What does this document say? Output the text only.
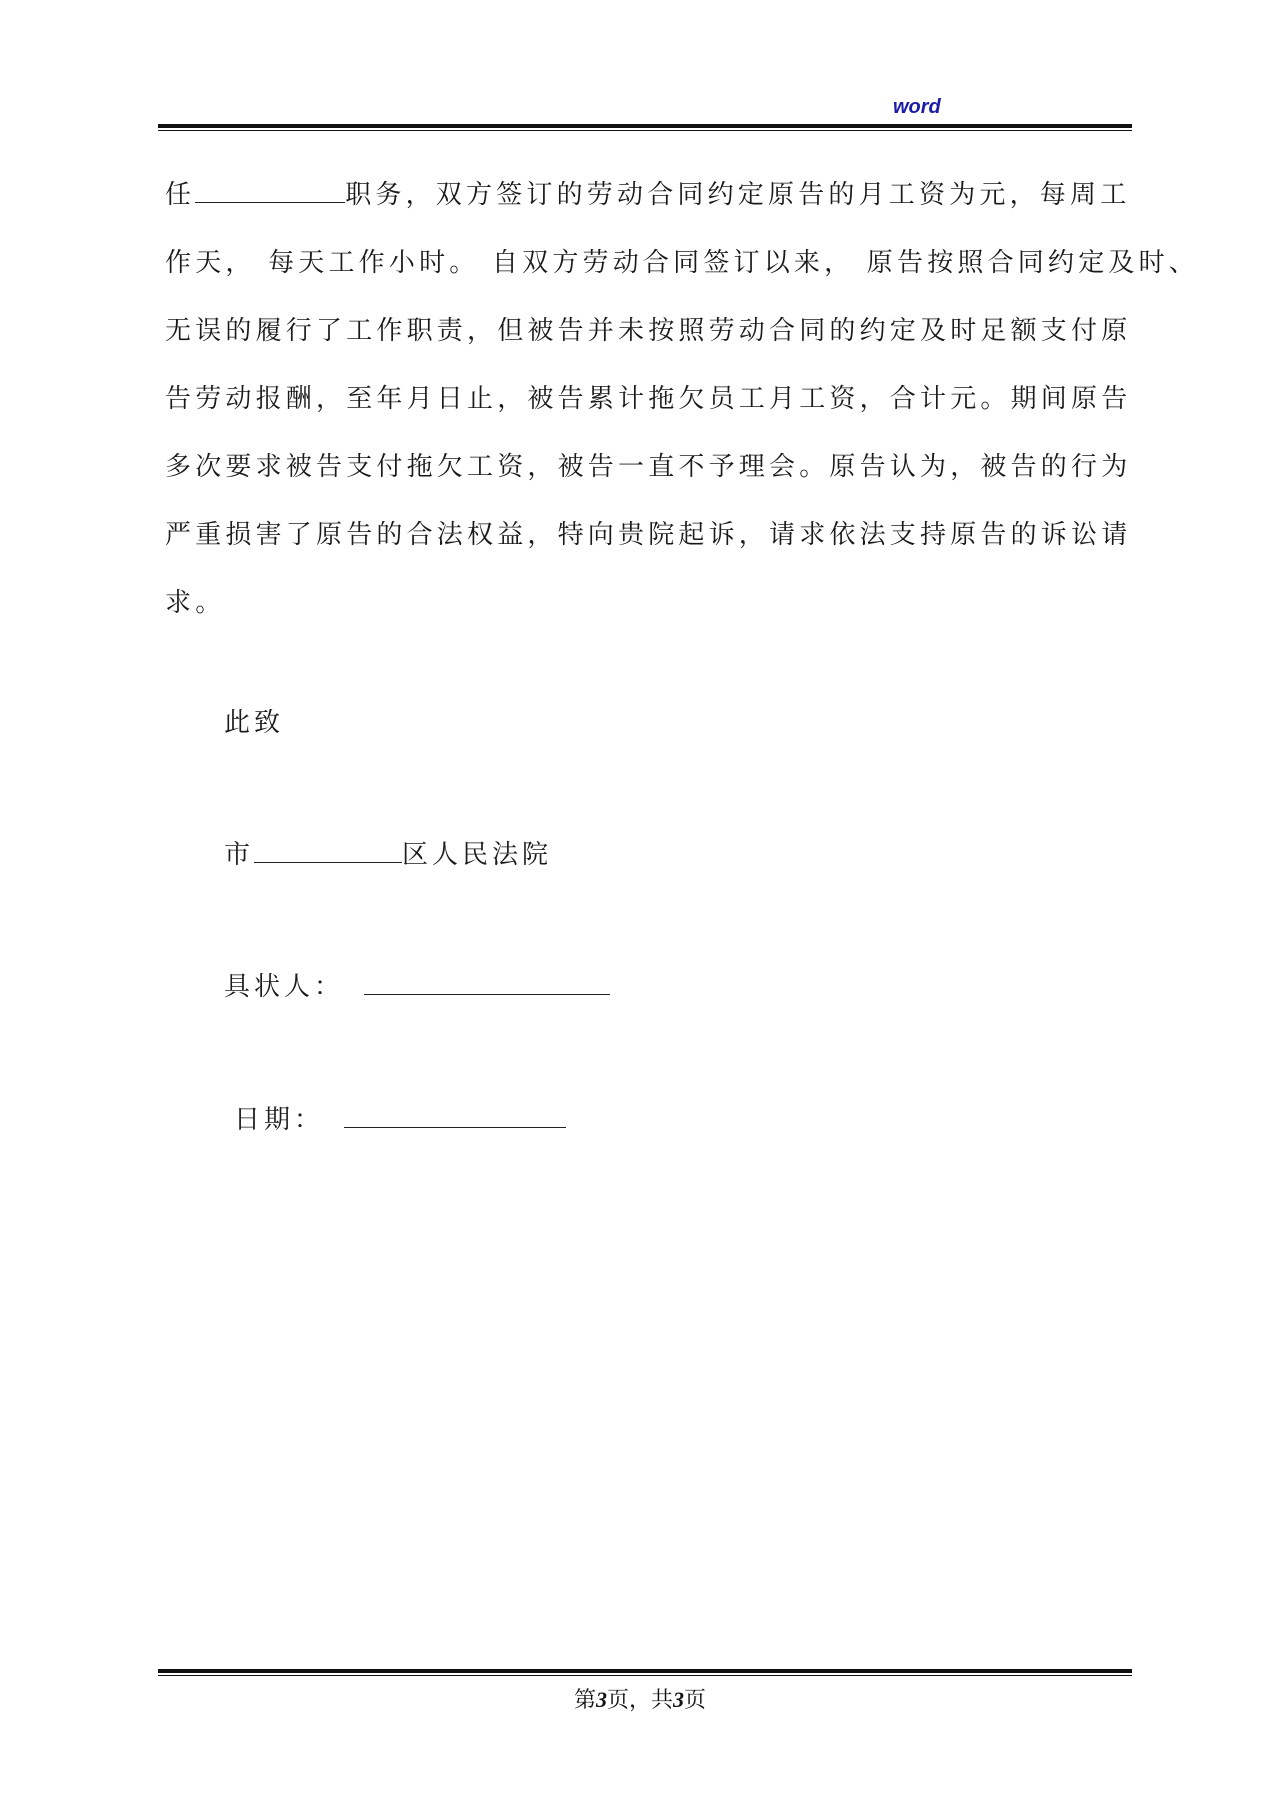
word
任	职务，双方签订的劳动合同约定原告的月工资为元，每周工
作天， 每天工作小时。 自双方劳动合同签订以来， 原告按照合同约定及时、
无误的履行了工作职责，但被告并未按照劳动合同的约定及时足额支付原
告劳动报酬，至年月日止，被告累计拖欠员工月工资，合计元。期间原告
多次要求被告支付拖欠工资，被告一直不予理会。原告认为，被告的行为
严重损害了原告的合法权益，特向贵院起诉，请求依法支持原告的诉讼请
求。
此致
市	区人民法院
具状人：
日期：
第3页，共3页
